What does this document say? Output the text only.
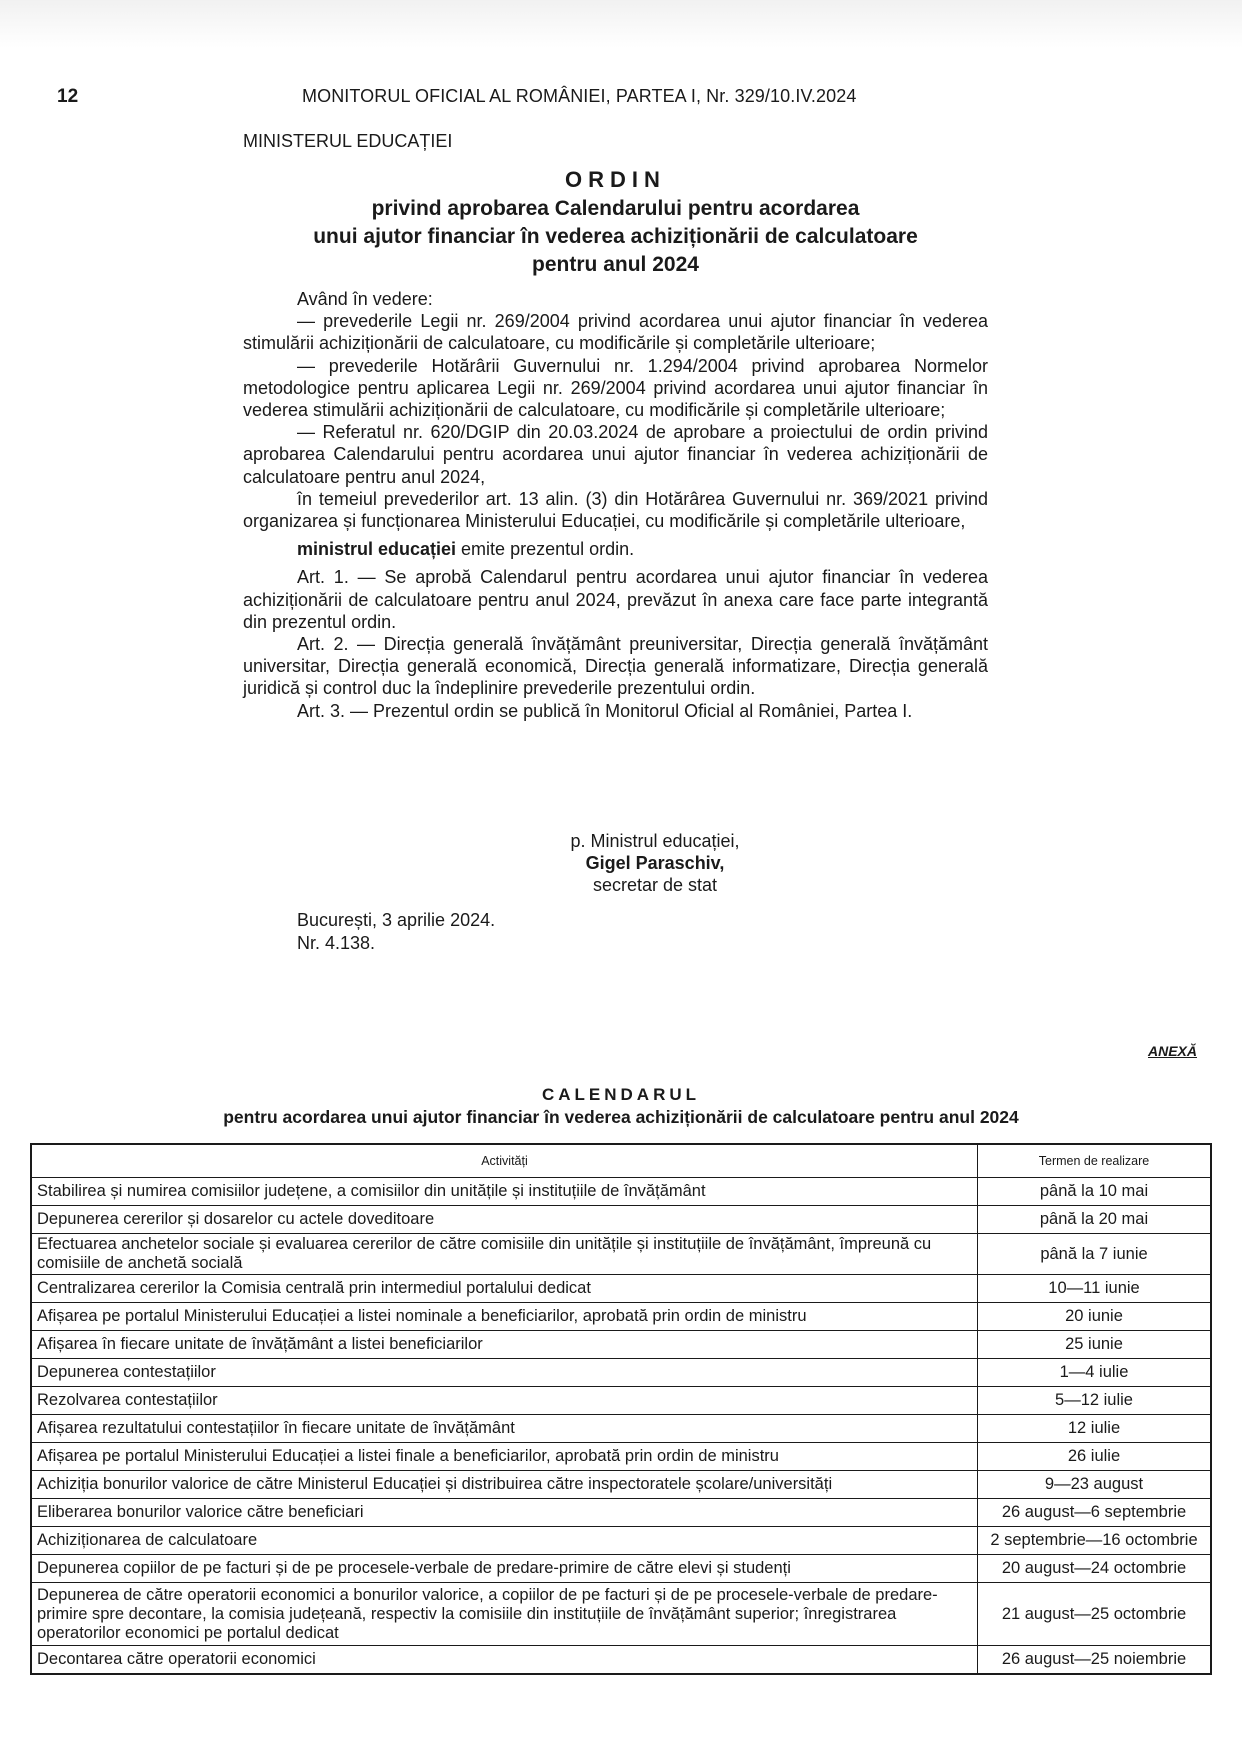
12	MONITORUL OFICIAL AL ROMÂNIEI, PARTEA I, Nr. 329/10.IV.2024
MINISTERUL EDUCAȚIEI
ORDIN
privind aprobarea Calendarului pentru acordarea
unui ajutor financiar în vederea achiziționării de calculatoare
pentru anul 2024

Având în vedere:

— prevederile Legii nr. 269/2004 privind acordarea unui ajutor financiar în vederea stimulării achiziționării de calculatoare, cu modificările și completările ulterioare;

— prevederile Hotărârii Guvernului nr. 1.294/2004 privind aprobarea Normelor metodologice pentru aplicarea Legii nr. 269/2004 privind acordarea unui ajutor financiar în vederea stimulării achiziționării de calculatoare, cu modificările și completările ulterioare;

— Referatul nr. 620/DGIP din 20.03.2024 de aprobare a proiectului de ordin privind aprobarea Calendarului pentru acordarea unui ajutor financiar în vederea achiziționării de calculatoare pentru anul 2024,

în temeiul prevederilor art. 13 alin. (3) din Hotărârea Guvernului nr. 369/2021 privind organizarea și funcționarea Ministerului Educației, cu modificările și completările ulterioare,

ministrul educației emite prezentul ordin.

Art. 1. — Se aprobă Calendarul pentru acordarea unui ajutor financiar în vederea achiziționării de calculatoare pentru anul 2024, prevăzut în anexa care face parte integrantă din prezentul ordin.

Art. 2. — Direcția generală învățământ preuniversitar, Direcția generală învățământ universitar, Direcția generală economică, Direcția generală informatizare, Direcția generală juridică și control duc la îndeplinire prevederile prezentului ordin.

Art. 3. — Prezentul ordin se publică în Monitorul Oficial al României, Partea I.

p. Ministrul educației,
Gigel Paraschiv,
secretar de stat
București, 3 aprilie 2024.
Nr. 4.138.
ANEXĂ
CALENDARUL
pentru acordarea unui ajutor financiar în vederea achiziționării de calculatoare pentru anul 2024
Activități	Termen de realizare
Stabilirea și numirea comisiilor județene, a comisiilor din unitățile și instituțiile de învățământ	până la 10 mai
Depunerea cererilor și dosarelor cu actele doveditoare	până la 20 mai
Efectuarea anchetelor sociale și evaluarea cererilor de către comisiile din unitățile și instituțiile de învățământ, împreună cu comisiile de anchetă socială	până la 7 iunie
Centralizarea cererilor la Comisia centrală prin intermediul portalului dedicat	10—11 iunie
Afișarea pe portalul Ministerului Educației a listei nominale a beneficiarilor, aprobată prin ordin de ministru	20 iunie
Afișarea în fiecare unitate de învățământ a listei beneficiarilor	25 iunie
Depunerea contestațiilor	1—4 iulie
Rezolvarea contestațiilor	5—12 iulie
Afișarea rezultatului contestațiilor în fiecare unitate de învățământ	12 iulie
Afișarea pe portalul Ministerului Educației a listei finale a beneficiarilor, aprobată prin ordin de ministru	26 iulie
Achiziția bonurilor valorice de către Ministerul Educației și distribuirea către inspectoratele școlare/universități	9—23 august
Eliberarea bonurilor valorice către beneficiari	26 august—6 septembrie
Achiziționarea de calculatoare	2 septembrie—16 octombrie
Depunerea copiilor de pe facturi și de pe procesele-verbale de predare-primire de către elevi și studenți	20 august—24 octombrie
Depunerea de către operatorii economici a bonurilor valorice, a copiilor de pe facturi și de pe procesele-verbale de predare-primire spre decontare, la comisia județeană, respectiv la comisiile din instituțiile de învățământ superior; înregistrarea operatorilor economici pe portalul dedicat	21 august—25 octombrie
Decontarea către operatorii economici	26 august—25 noiembrie
